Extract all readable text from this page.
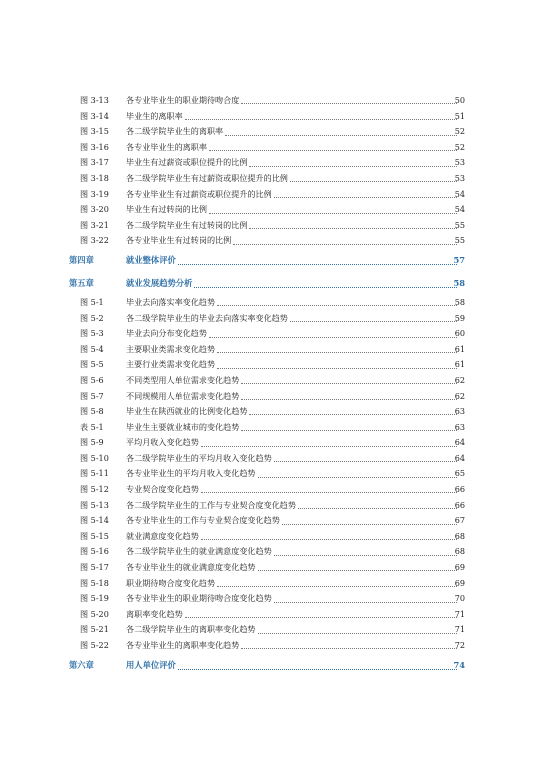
图 3-13 各专业毕业生的职业期待吻合度	50
图 3-14 毕业生的离职率	51
图 3-15 各二级学院毕业生的离职率	52
图 3-16 各专业毕业生的离职率	52
图 3-17 毕业生有过薪资或职位提升的比例	53
图 3-18 各二级学院毕业生有过薪资或职位提升的比例	53
图 3-19 各专业毕业生有过薪资或职位提升的比例	54
图 3-20 毕业生有过转岗的比例	54
图 3-21 各二级学院毕业生有过转岗的比例	55
图 3-22 各专业毕业生有过转岗的比例	55
第四章	就业整体评价	57
第五章	就业发展趋势分析	58
图 5-1	毕业去向落实率变化趋势	58
图 5-2	各二级学院毕业生的毕业去向落实率变化趋势	59
图 5-3	毕业去向分布变化趋势	60
图 5-4	主要职业类需求变化趋势	61
图 5-5	主要行业类需求变化趋势	61
图 5-6	不同类型用人单位需求变化趋势	62
图 5-7	不同规模用人单位需求变化趋势	62
图 5-8	毕业生在陕西就业的比例变化趋势	63
表 5-1	毕业生主要就业城市的变化趋势	63
图 5-9	平均月收入变化趋势	64
图 5-10 各二级学院毕业生的平均月收入变化趋势	64
图 5-11 各专业毕业生的平均月收入变化趋势	65
图 5-12 专业契合度变化趋势	66
图 5-13 各二级学院毕业生的工作与专业契合度变化趋势	66
图 5-14 各专业毕业生的工作与专业契合度变化趋势	67
图 5-15 就业满意度变化趋势	68
图 5-16 各二级学院毕业生的就业满意度变化趋势	68
图 5-17 各专业毕业生的就业满意度变化趋势	69
图 5-18 职业期待吻合度变化趋势	69
图 5-19 各专业毕业生的职业期待吻合度变化趋势	70
图 5-20 离职率变化趋势	71
图 5-21 各二级学院毕业生的离职率变化趋势	71
图 5-22 各专业毕业生的离职率变化趋势	72
第六章	用人单位评价	74
